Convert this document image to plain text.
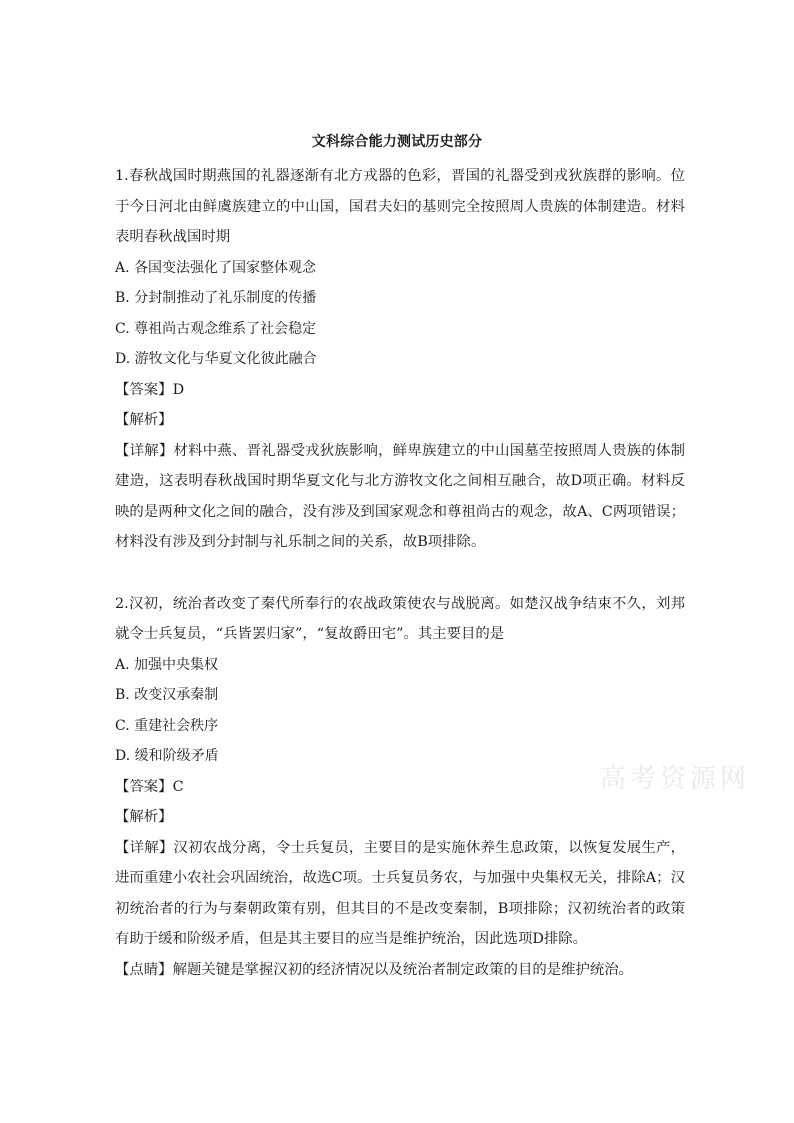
文科综合能力测试历史部分

1.春秋战国时期燕国的礼器逐渐有北方戎器的色彩，晋国的礼器受到戎狄族群的影响。位于今日河北由鲜虞族建立的中山国，国君夫妇的基则完全按照周人贵族的体制建造。材料表明春秋战国时期

A. 各国变法强化了国家整体观念

B. 分封制推动了礼乐制度的传播

C. 尊祖尚古观念维系了社会稳定

D. 游牧文化与华夏文化彼此融合

【答案】D

【解析】

【详解】材料中燕、晋礼器受戎狄族影响，鲜卑族建立的中山国墓茔按照周人贵族的体制建造，这表明春秋战国时期华夏文化与北方游牧文化之间相互融合，故D项正确。材料反映的是两种文化之间的融合，没有涉及到国家观念和尊祖尚古的观念，故A、C两项错误；材料没有涉及到分封制与礼乐制之间的关系，故B项排除。

2.汉初，统治者改变了秦代所奉行的农战政策使农与战脱离。如楚汉战争结束不久，刘邦就令士兵复员，“兵皆罢归家”，“复故爵田宅”。其主要目的是

A. 加强中央集权

B. 改变汉承秦制

C. 重建社会秩序

D. 缓和阶级矛盾

【答案】C

【解析】

【详解】汉初农战分离，令士兵复员，主要目的是实施休养生息政策，以恢复发展生产，进而重建小农社会巩固统治，故选C项。士兵复员务农，与加强中央集权无关，排除A；汉初统治者的行为与秦朝政策有别，但其目的不是改变秦制，B项排除；汉初统治者的政策有助于缓和阶级矛盾，但是其主要目的应当是维护统治，因此选项D排除。

【点睛】解题关键是掌握汉初的经济情况以及统治者制定政策的目的是维护统治。

高考资源网
